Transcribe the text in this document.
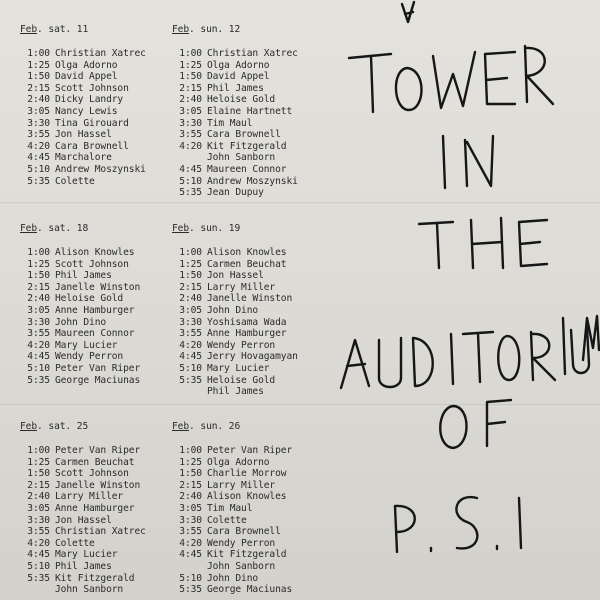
Feb. sat. 11
1:00 Christian Xatrec
1:25 Olga Adorno
1:50 David Appel
2:15 Scott Johnson
2:40 Dicky Landry
3:05 Nancy Lewis
3:30 Tina Girouard
3:55 Jon Hassel
4:20 Cara Brownell
4:45 Marchalore
5:10 Andrew Moszynski
5:35 Colette
Feb. sun. 12
1:00 Christian Xatrec
1:25 Olga Adorno
1:50 David Appel
2:15 Phil James
2:40 Heloise Gold
3:05 Elaine Hartnett
3:30 Tim Maul
3:55 Cara Brownell
4:20 Kit Fitzgerald
John Sanborn
4:45 Maureen Connor
5:10 Andrew Moszynski
5:35 Jean Dupuy
Feb. sat. 18
1:00 Alison Knowles
1:25 Scott Johnson
1:50 Phil James
2:15 Janelle Winston
2:40 Heloise Gold
3:05 Anne Hamburger
3:30 John Dino
3:55 Maureen Connor
4:20 Mary Lucier
4:45 Wendy Perron
5:10 Peter Van Riper
5:35 George Maciunas
Feb. sun. 19
1:00 Alison Knowles
1:25 Carmen Beuchat
1:50 Jon Hassel
2:15 Larry Miller
2:40 Janelle Winston
3:05 John Dino
3:30 Yoshisama Wada
3:55 Anne Hamburger
4:20 Wendy Perron
4:45 Jerry Hovagamyan
5:10 Mary Lucier
5:35 Heloise Gold
Phil James
Feb. sat. 25
1:00 Peter Van Riper
1:25 Carmen Beuchat
1:50 Scott Johnson
2:15 Janelle Winston
2:40 Larry Miller
3:05 Anne Hamburger
3:30 Jon Hassel
3:55 Christian Xatrec
4:20 Colette
4:45 Mary Lucier
5:10 Phil James
5:35 Kit Fitzgerald
John Sanborn
Feb. sun. 26
1:00 Peter Van Riper
1:25 Olga Adorno
1:50 Charlie Morrow
2:15 Larry Miller
2:40 Alison Knowles
3:05 Tim Maul
3:30 Colette
3:55 Cara Brownell
4:20 Wendy Perron
4:45 Kit Fitzgerald
John Sanborn
5:10 John Dino
5:35 George Maciunas
